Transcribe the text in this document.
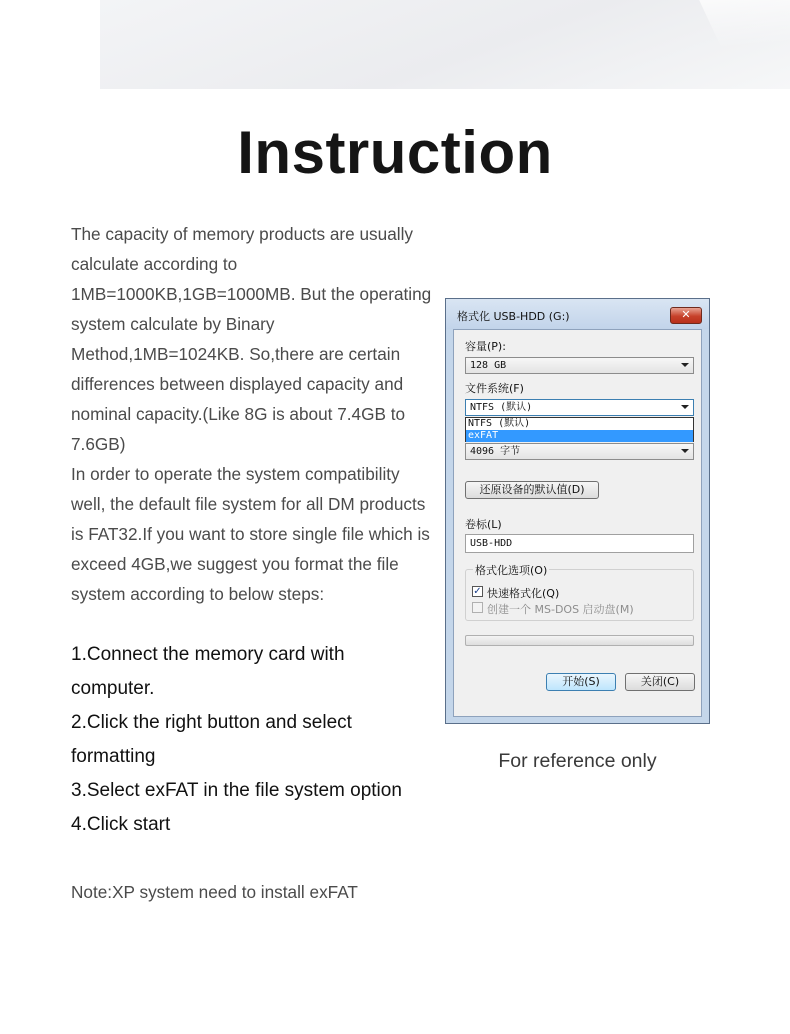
Instruction

The capacity of memory products are usually calculate according to 1MB=1000KB,1GB=1000MB. But the operating system calculate by Binary Method,1MB=1024KB. So,there are certain differences between displayed capacity and nominal capacity.(Like 8G is about 7.4GB to 7.6GB)

In order to operate the system compatibility well, the default file system for all DM products is FAT32.If you want to store single file which is exceed 4GB,we suggest you format the file system according to below steps:

1.Connect the memory card with computer.
2.Click the right button and select formatting
3.Select exFAT in the file system option
4.Click start
Note:XP system need to install exFAT
格式化 USB-HDD (G:)	✕
容量(P):
128 GB
文件系统(F)
NTFS (默认)
NTFS (默认)
exFAT
4096 字节
还原设备的默认值(D)
卷标(L)
USB-HDD
格式化选项(O)
✓ 快速格式化(Q)
创建一个 MS-DOS 启动盘(M)
开始(S)	关闭(C)
For reference only
